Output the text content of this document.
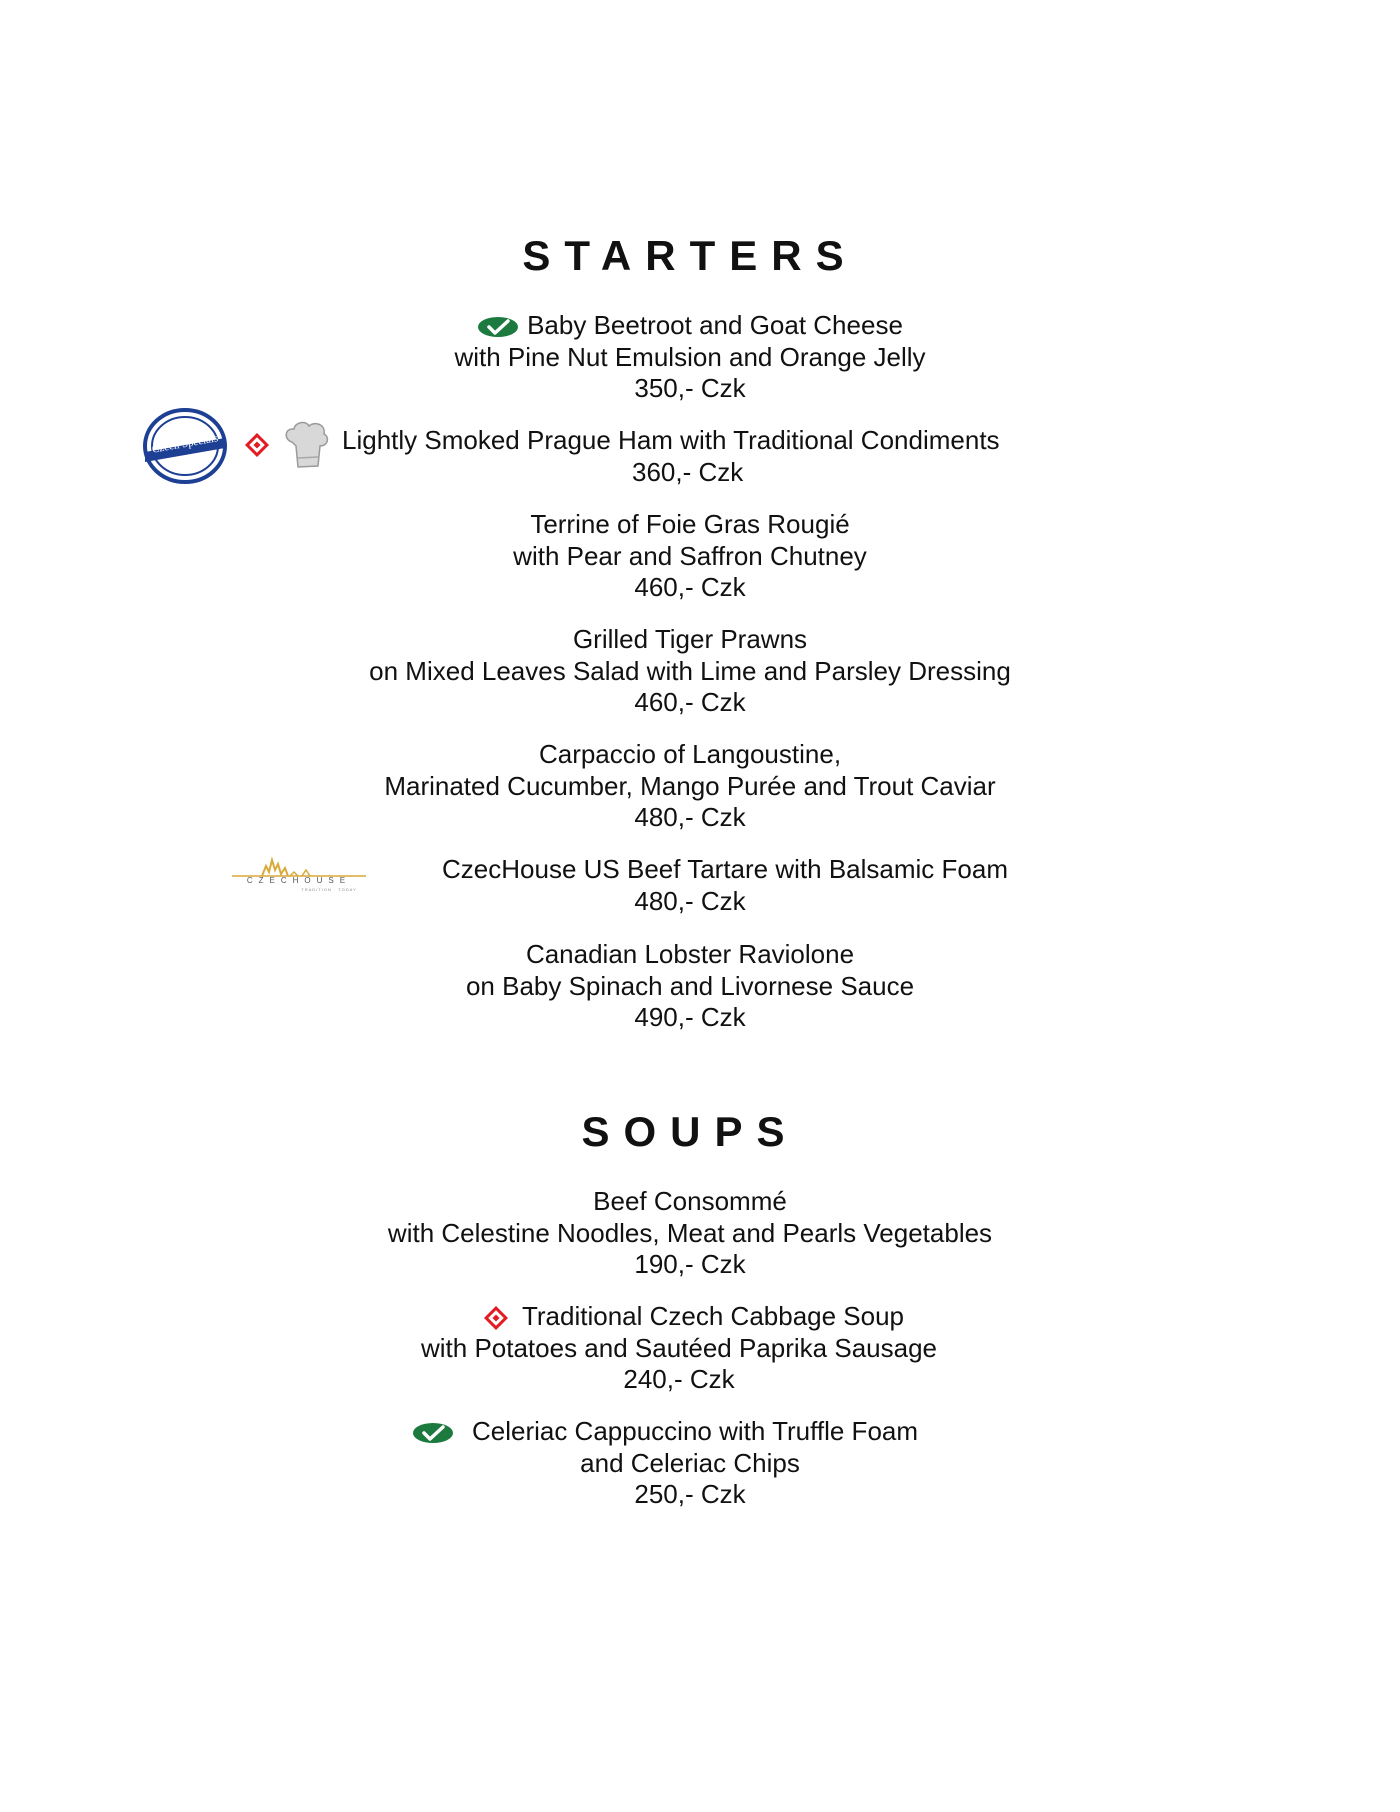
STARTERS
Baby Beetroot and Goat Cheese
with Pine Nut Emulsion and Orange Jelly
350,- Czk
Czech Specials	Lightly Smoked Prague Ham with Traditional Condiments
360,- Czk
Terrine of Foie Gras Rougié
with Pear and Saffron Chutney
460,- Czk
Grilled Tiger Prawns
on Mixed Leaves Salad with Lime and Parsley Dressing
460,- Czk
Carpaccio of Langoustine,
Marinated Cucumber, Mango Purée and Trout Caviar
480,- Czk
CZECHOUSE
TRADITION · TODAY
CzecHouse US Beef Tartare with Balsamic Foam
480,- Czk
Canadian Lobster Raviolone
on Baby Spinach and Livornese Sauce
490,- Czk
SOUPS
Beef Consommé
with Celestine Noodles, Meat and Pearls Vegetables
190,- Czk
Traditional Czech Cabbage Soup
with Potatoes and Sautéed Paprika Sausage
240,- Czk
Celeriac Cappuccino with Truffle Foam
and Celeriac Chips
250,- Czk
